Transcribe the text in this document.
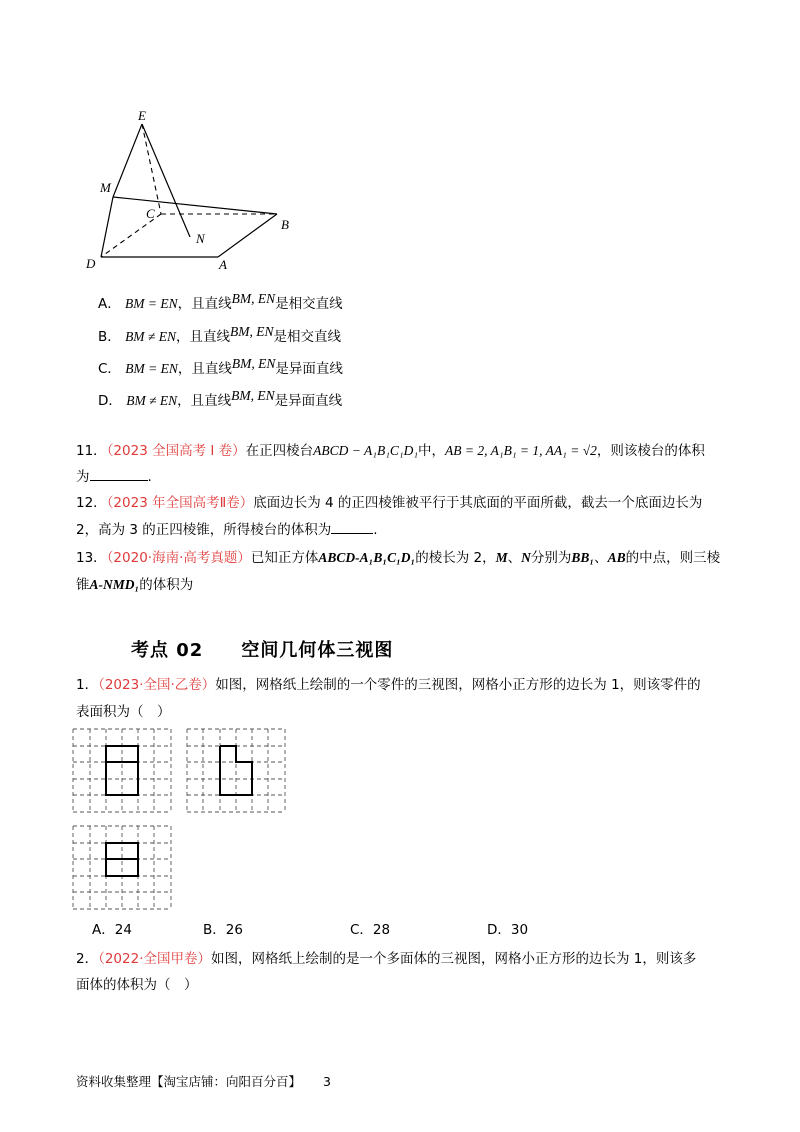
E
M
C
N
B
D	A
A． BM = EN，且直线BM, EN是相交直线
B． BM ≠ EN，且直线BM, EN是相交直线
C． BM = EN，且直线BM, EN是异面直线
D． BM ≠ EN，且直线BM, EN是异面直线
11．（2023 全国高考 I 卷）在正四棱台ABCD − A₁B₁C₁D₁中，AB = 2, A₁B₁ = 1, AA₁ = √2，则该棱台的体积
为	.
12．（2023 年全国高考Ⅱ卷）底面边长为 4 的正四棱锥被平行于其底面的平面所截，截去一个底面边长为
2，高为 3 的正四棱锥，所得棱台的体积为	.
13．（2020·海南·高考真题）已知正方体ABCD-A₁B₁C₁D₁的棱长为 2，M、N分别为BB₁、AB的中点，则三棱
锥A-NMD₁的体积为
考点 02　　空间几何体三视图
1．（2023·全国·乙卷）如图，网格纸上绘制的一个零件的三视图，网格小正方形的边长为 1，则该零件的
表面积为（　）
A．24	B．26	C．28	D．30
2．（2022·全国甲卷）如图，网格纸上绘制的是一个多面体的三视图，网格小正方形的边长为 1，则该多
面体的体积为（　）
资料收集整理【淘宝店铺：向阳百分百】 3
